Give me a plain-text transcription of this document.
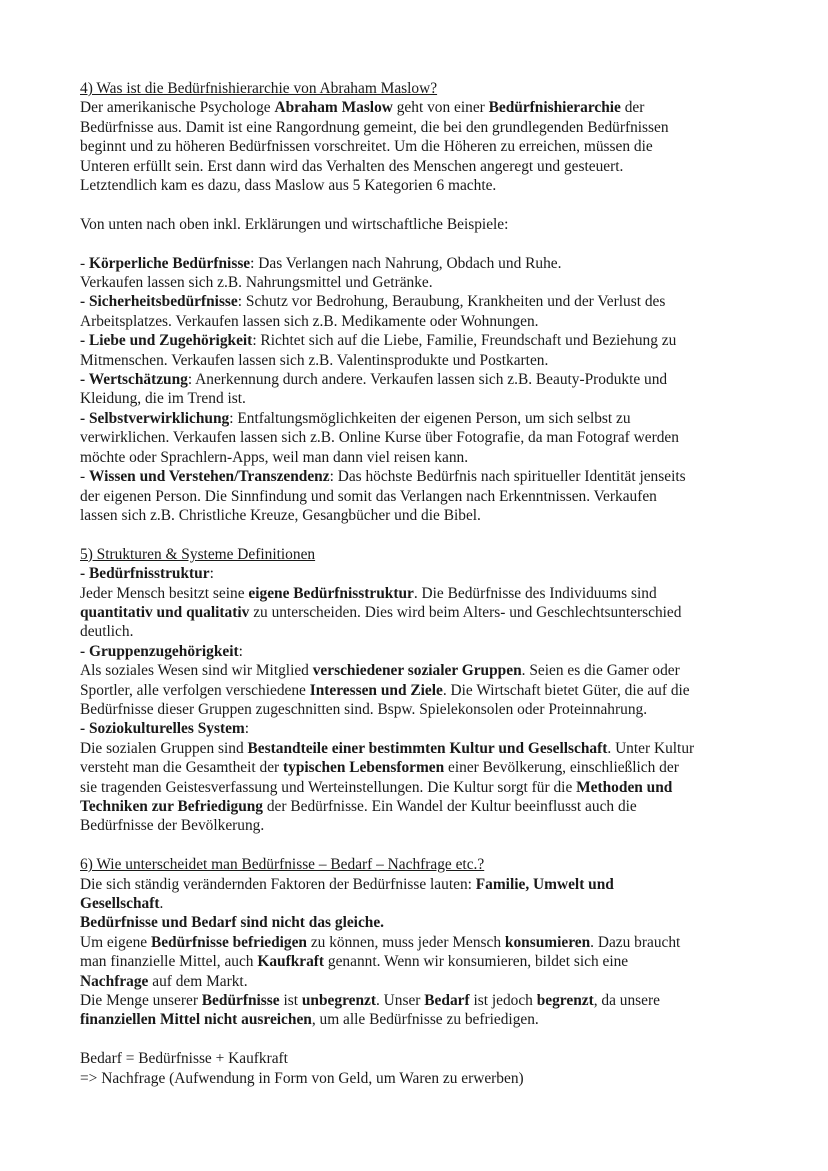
4) Was ist die Bedürfnishierarchie von Abraham Maslow?
Der amerikanische Psychologe Abraham Maslow geht von einer Bedürfnishierarchie der
Bedürfnisse aus. Damit ist eine Rangordnung gemeint, die bei den grundlegenden Bedürfnissen
beginnt und zu höheren Bedürfnissen vorschreitet. Um die Höheren zu erreichen, müssen die
Unteren erfüllt sein. Erst dann wird das Verhalten des Menschen angeregt und gesteuert.
Letztendlich kam es dazu, dass Maslow aus 5 Kategorien 6 machte.
Von unten nach oben inkl. Erklärungen und wirtschaftliche Beispiele:
- Körperliche Bedürfnisse: Das Verlangen nach Nahrung, Obdach und Ruhe.
Verkaufen lassen sich z.B. Nahrungsmittel und Getränke.
- Sicherheitsbedürfnisse: Schutz vor Bedrohung, Beraubung, Krankheiten und der Verlust des
Arbeitsplatzes. Verkaufen lassen sich z.B. Medikamente oder Wohnungen.
- Liebe und Zugehörigkeit: Richtet sich auf die Liebe, Familie, Freundschaft und Beziehung zu
Mitmenschen. Verkaufen lassen sich z.B. Valentinsprodukte und Postkarten.
- Wertschätzung: Anerkennung durch andere. Verkaufen lassen sich z.B. Beauty-Produkte und
Kleidung, die im Trend ist.
- Selbstverwirklichung: Entfaltungsmöglichkeiten der eigenen Person, um sich selbst zu
verwirklichen. Verkaufen lassen sich z.B. Online Kurse über Fotografie, da man Fotograf werden
möchte oder Sprachlern-Apps, weil man dann viel reisen kann.
- Wissen und Verstehen/Transzendenz: Das höchste Bedürfnis nach spiritueller Identität jenseits
der eigenen Person. Die Sinnfindung und somit das Verlangen nach Erkenntnissen. Verkaufen
lassen sich z.B. Christliche Kreuze, Gesangbücher und die Bibel.
5) Strukturen & Systeme Definitionen
- Bedürfnisstruktur:
Jeder Mensch besitzt seine eigene Bedürfnisstruktur. Die Bedürfnisse des Individuums sind
quantitativ und qualitativ zu unterscheiden. Dies wird beim Alters- und Geschlechtsunterschied
deutlich.
- Gruppenzugehörigkeit:
Als soziales Wesen sind wir Mitglied verschiedener sozialer Gruppen. Seien es die Gamer oder
Sportler, alle verfolgen verschiedene Interessen und Ziele. Die Wirtschaft bietet Güter, die auf die
Bedürfnisse dieser Gruppen zugeschnitten sind. Bspw. Spielekonsolen oder Proteinnahrung.
- Soziokulturelles System:
Die sozialen Gruppen sind Bestandteile einer bestimmten Kultur und Gesellschaft. Unter Kultur
versteht man die Gesamtheit der typischen Lebensformen einer Bevölkerung, einschließlich der
sie tragenden Geistesverfassung und Werteinstellungen. Die Kultur sorgt für die Methoden und
Techniken zur Befriedigung der Bedürfnisse. Ein Wandel der Kultur beeinflusst auch die
Bedürfnisse der Bevölkerung.
6) Wie unterscheidet man Bedürfnisse – Bedarf – Nachfrage etc.?
Die sich ständig verändernden Faktoren der Bedürfnisse lauten: Familie, Umwelt und
Gesellschaft.
Bedürfnisse und Bedarf sind nicht das gleiche.
Um eigene Bedürfnisse befriedigen zu können, muss jeder Mensch konsumieren. Dazu braucht
man finanzielle Mittel, auch Kaufkraft genannt. Wenn wir konsumieren, bildet sich eine
Nachfrage auf dem Markt.
Die Menge unserer Bedürfnisse ist unbegrenzt. Unser Bedarf ist jedoch begrenzt, da unsere
finanziellen Mittel nicht ausreichen, um alle Bedürfnisse zu befriedigen.
Bedarf = Bedürfnisse + Kaufkraft
=> Nachfrage (Aufwendung in Form von Geld, um Waren zu erwerben)
